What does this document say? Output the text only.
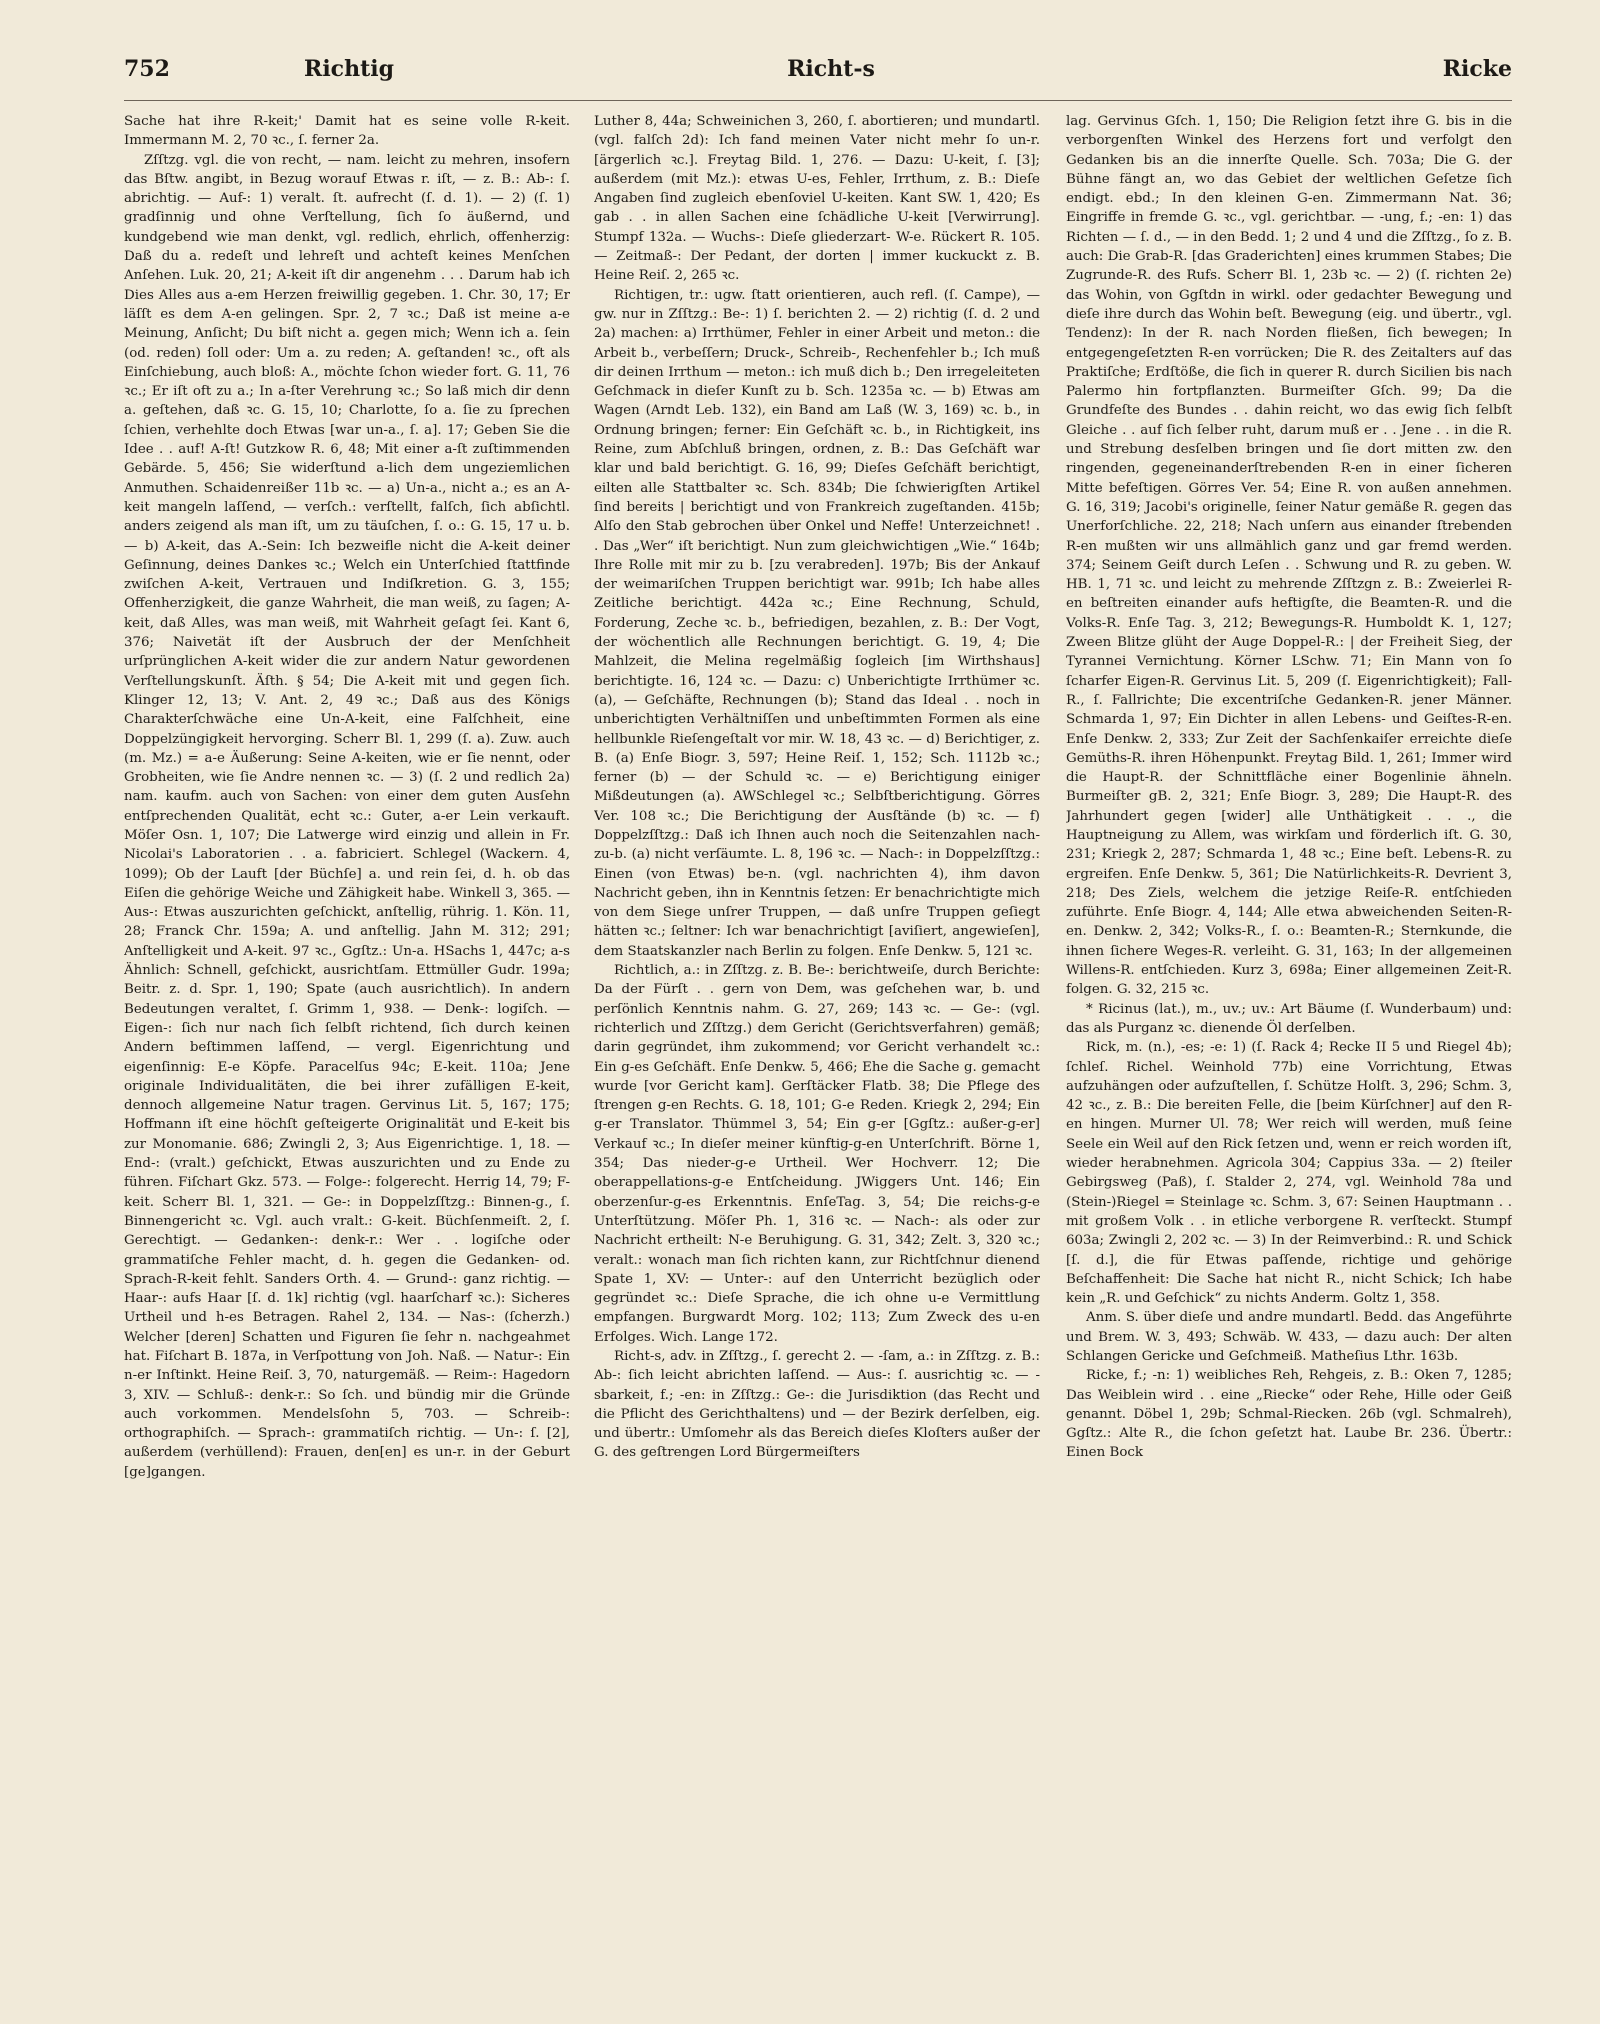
752	Richtig	Richt-s	Ricke

Sache hat ihre R-keit;' Damit hat es seine volle R-keit. Immermann M. 2, 70 ꝛc., ſ. ferner 2a.

Zſſtzg. vgl. die von recht, — nam. leicht zu mehren, insofern das Bſtw. angibt, in Bezug worauf Etwas r. iſt, — z. B.: Ab-: ſ. abrichtig. — Auf-: 1) veralt. ſt. aufrecht (ſ. d. 1). — 2) (ſ. 1) gradſinnig und ohne Verſtellung, ſich ſo äußernd, und kundgebend wie man denkt, vgl. redlich, ehrlich, offenherzig: Daß du a. redeſt und lehreſt und achteſt keines Menſchen Anſehen. Luk. 20, 21; A-keit iſt dir angenehm . . . Darum hab ich Dies Alles aus a-em Herzen freiwillig gegeben. 1. Chr. 30, 17; Er läſſt es dem A-en gelingen. Spr. 2, 7 ꝛc.; Daß ist meine a-e Meinung, Anſicht; Du biſt nicht a. gegen mich; Wenn ich a. ſein (od. reden) ſoll oder: Um a. zu reden; A. geſtanden! ꝛc., oft als Einſchiebung, auch bloß: A., möchte ſchon wieder fort. G. 11, 76 ꝛc.; Er iſt oft zu a.; In a-ſter Verehrung ꝛc.; So laß mich dir denn a. geſtehen, daß ꝛc. G. 15, 10; Charlotte, ſo a. ſie zu ſprechen ſchien, verhehlte doch Etwas [war un-a., ſ. a]. 17; Geben Sie die Idee . . auf! A-ſt! Gutzkow R. 6, 48; Mit einer a-ſt zuſtimmenden Gebärde. 5, 456; Sie widerſtund a-lich dem ungeziemlichen Anmuthen. Schaidenreißer 11b ꝛc. — a) Un-a., nicht a.; es an A-keit mangeln laſſend, — verſch.: verſtellt, falſch, ſich abſichtl. anders zeigend als man iſt, um zu täuſchen, ſ. o.: G. 15, 17 u. b. — b) A-keit, das A.-Sein: Ich bezweifle nicht die A-keit deiner Geſinnung, deines Dankes ꝛc.; Welch ein Unterſchied ſtattfinde zwiſchen A-keit, Vertrauen und Indiſkretion. G. 3, 155; Offenherzigkeit, die ganze Wahrheit, die man weiß, zu ſagen; A-keit, daß Alles, was man weiß, mit Wahrheit geſagt ſei. Kant 6, 376; Naivetät iſt der Ausbruch der der Menſchheit urſprünglichen A-keit wider die zur andern Natur gewordenen Verſtellungskunſt. Äſth. § 54; Die A-keit mit und gegen ſich. Klinger 12, 13; V. Ant. 2, 49 ꝛc.; Daß aus des Königs Charakterſchwäche eine Un-A-keit, eine Falſchheit, eine Doppelzüngigkeit hervorging. Scherr Bl. 1, 299 (ſ. a). Zuw. auch (m. Mz.) = a-e Äußerung: Seine A-keiten, wie er ſie nennt, oder Grobheiten, wie ſie Andre nennen ꝛc. — 3) (ſ. 2 und redlich 2a) nam. kaufm. auch von Sachen: von einer dem guten Ausſehn entſprechenden Qualität, echt ꝛc.: Guter, a-er Lein verkauft. Möſer Osn. 1, 107; Die Latwerge wird einzig und allein in Fr. Nicolai's Laboratorien . . a. fabriciert. Schlegel (Wackern. 4, 1099); Ob der Lauft [der Büchſe] a. und rein ſei, d. h. ob das Eiſen die gehörige Weiche und Zähigkeit habe. Winkell 3, 365. — Aus-: Etwas auszurichten geſchickt, anſtellig, rührig. 1. Kön. 11, 28; Franck Chr. 159a; A. und anſtellig. Jahn M. 312; 291; Anſtelligkeit und A-keit. 97 ꝛc., Ggſtz.: Un-a. HSachs 1, 447c; a-s Ähnlich: Schnell, geſchickt, ausrichtſam. Ettmüller Gudr. 199a; Beitr. z. d. Spr. 1, 190; Spate (auch ausrichtlich). In andern Bedeutungen veraltet, ſ. Grimm 1, 938. — Denk-: logiſch. — Eigen-: ſich nur nach ſich ſelbſt richtend, ſich durch keinen Andern beſtimmen laſſend, — vergl. Eigenrichtung und eigenſinnig: E-e Köpfe. Paracelſus 94c; E-keit. 110a; Jene originale Individualitäten, die bei ihrer zufälligen E-keit, dennoch allgemeine Natur tragen. Gervinus Lit. 5, 167; 175; Hoffmann iſt eine höchſt geſteigerte Originalität und E-keit bis zur Monomanie. 686; Zwingli 2, 3; Aus Eigenrichtige. 1, 18. — End-: (vralt.) geſchickt, Etwas auszurichten und zu Ende zu führen. Fiſchart Gkz. 573. — Folge-: folgerecht. Herrig 14, 79; F-keit. Scherr Bl. 1, 321. — Ge-: in Doppelzſſtzg.: Binnen-g., ſ. Binnengericht ꝛc. Vgl. auch vralt.: G-keit. Büchſenmeiſt. 2, ſ. Gerechtigt. — Gedanken-: denk-r.: Wer . . logiſche oder grammatiſche Fehler macht, d. h. gegen die Gedanken- od. Sprach-R-keit fehlt. Sanders Orth. 4. — Grund-: ganz richtig. — Haar-: aufs Haar [ſ. d. 1k] richtig (vgl. haarſcharf ꝛc.): Sicheres Urtheil und h-es Betragen. Rahel 2, 134. — Nas-: (ſcherzh.) Welcher [deren] Schatten und Figuren ſie ſehr n. nachgeahmet hat. Fiſchart B. 187a, in Verſpottung von Joh. Naß. — Natur-: Ein n-er Inſtinkt. Heine Reiſ. 3, 70, naturgemäß. — Reim-: Hagedorn 3, XIV. — Schluß-: denk-r.: So ſch. und bündig mir die Gründe auch vorkommen. Mendelsſohn 5, 703. — Schreib-: orthographiſch. — Sprach-: grammatiſch richtig. — Un-: ſ. [2], außerdem (verhüllend): Frauen, den[en] es un-r. in der Geburt [ge]gangen.

Luther 8, 44a; Schweinichen 3, 260, ſ. abortieren; und mundartl. (vgl. falſch 2d): Ich fand meinen Vater nicht mehr ſo un-r. [ärgerlich ꝛc.]. Freytag Bild. 1, 276. — Dazu: U-keit, ſ. [3]; außerdem (mit Mz.): etwas U-es, Fehler, Irrthum, z. B.: Dieſe Angaben ſind zugleich ebenſoviel U-keiten. Kant SW. 1, 420; Es gab . . in allen Sachen eine ſchädliche U-keit [Verwirrung]. Stumpf 132a. — Wuchs-: Dieſe gliederzart- W-e. Rückert R. 105. — Zeitmaß-: Der Pedant, der dorten | immer kuckuckt z. B. Heine Reiſ. 2, 265 ꝛc.

Richtigen, tr.: ugw. ſtatt orientieren, auch refl. (ſ. Campe), — gw. nur in Zſſtzg.: Be-: 1) ſ. berichten 2. — 2) richtig (ſ. d. 2 und 2a) machen: a) Irrthümer, Fehler in einer Arbeit und meton.: die Arbeit b., verbeſſern; Druck-, Schreib-, Rechenfehler b.; Ich muß dir deinen Irrthum — meton.: ich muß dich b.; Den irregeleiteten Geſchmack in dieſer Kunſt zu b. Sch. 1235a ꝛc. — b) Etwas am Wagen (Arndt Leb. 132), ein Band am Laß (W. 3, 169) ꝛc. b., in Ordnung bringen; ferner: Ein Geſchäft ꝛc. b., in Richtigkeit, ins Reine, zum Abſchluß bringen, ordnen, z. B.: Das Geſchäft war klar und bald berichtigt. G. 16, 99; Dieſes Geſchäft berichtigt, eilten alle Stattbalter ꝛc. Sch. 834b; Die ſchwierigſten Artikel ſind bereits | berichtigt und von Frankreich zugeſtanden. 415b; Alſo den Stab gebrochen über Onkel und Neffe! Unterzeichnet! . . Das „Wer“ iſt berichtigt. Nun zum gleichwichtigen „Wie.“ 164b; Ihre Rolle mit mir zu b. [zu verabreden]. 197b; Bis der Ankauf der weimariſchen Truppen berichtigt war. 991b; Ich habe alles Zeitliche berichtigt. 442a ꝛc.; Eine Rechnung, Schuld, Forderung, Zeche ꝛc. b., befriedigen, bezahlen, z. B.: Der Vogt, der wöchentlich alle Rechnungen berichtigt. G. 19, 4; Die Mahlzeit, die Melina regelmäßig ſogleich [im Wirthshaus] berichtigte. 16, 124 ꝛc. — Dazu: c) Unberichtigte Irrthümer ꝛc. (a), — Geſchäfte, Rechnungen (b); Stand das Ideal . . noch in unberichtigten Verhältniſſen und unbeſtimmten Formen als eine hellbunkle Rieſengeſtalt vor mir. W. 18, 43 ꝛc. — d) Berichtiger, z. B. (a) Enſe Biogr. 3, 597; Heine Reiſ. 1, 152; Sch. 1112b ꝛc.; ferner (b) — der Schuld ꝛc. — e) Berichtigung einiger Mißdeutungen (a). AWSchlegel ꝛc.; Selbſtberichtigung. Görres Ver. 108 ꝛc.; Die Berichtigung der Ausſtände (b) ꝛc. — f) Doppelzſſtzg.: Daß ich Ihnen auch noch die Seitenzahlen nach-zu-b. (a) nicht verſäumte. L. 8, 196 ꝛc. — Nach-: in Doppelzſſtzg.: Einen (von Etwas) be-n. (vgl. nachrichten 4), ihm davon Nachricht geben, ihn in Kenntnis ſetzen: Er benachrichtigte mich von dem Siege unſrer Truppen, — daß unſre Truppen geſiegt hätten ꝛc.; ſeltner: Ich war benachrichtigt [aviſiert, angewieſen], dem Staatskanzler nach Berlin zu folgen. Enſe Denkw. 5, 121 ꝛc.

Richtlich, a.: in Zſſtzg. z. B. Be-: berichtweiſe, durch Berichte: Da der Fürſt . . gern von Dem, was geſchehen war, b. und perſönlich Kenntnis nahm. G. 27, 269; 143 ꝛc. — Ge-: (vgl. richterlich und Zſſtzg.) dem Gericht (Gerichtsverfahren) gemäß; darin gegründet, ihm zukommend; vor Gericht verhandelt ꝛc.: Ein g-es Geſchäft. Enſe Denkw. 5, 466; Ehe die Sache g. gemacht wurde [vor Gericht kam]. Gerſtäcker Flatb. 38; Die Pflege des ſtrengen g-en Rechts. G. 18, 101; G-e Reden. Kriegk 2, 294; Ein g-er Translator. Thümmel 3, 54; Ein g-er [Ggſtz.: außer-g-er] Verkauf ꝛc.; In dieſer meiner künftig-g-en Unterſchrift. Börne 1, 354; Das nieder-g-e Urtheil. Wer Hochverr. 12; Die oberappellations-g-e Entſcheidung. JWiggers Unt. 146; Ein oberzenſur-g-es Erkenntnis. EnſeTag. 3, 54; Die reichs-g-e Unterſtützung. Möſer Ph. 1, 316 ꝛc. — Nach-: als oder zur Nachricht ertheilt: N-e Beruhigung. G. 31, 342; Zelt. 3, 320 ꝛc.; veralt.: wonach man ſich richten kann, zur Richtſchnur dienend Spate 1, XV: — Unter-: auf den Unterricht bezüglich oder gegründet ꝛc.: Dieſe Sprache, die ich ohne u-e Vermittlung empfangen. Burgwardt Morg. 102; 113; Zum Zweck des u-en Erfolges. Wich. Lange 172.

Richt-s, adv. in Zſſtzg., ſ. gerecht 2. — -ſam, a.: in Zſſtzg. z. B.: Ab-: ſich leicht abrichten laſſend. — Aus-: ſ. ausrichtig ꝛc. — -sbarkeit, f.; -en: in Zſſtzg.: Ge-: die Jurisdiktion (das Recht und die Pflicht des Gerichthaltens) und — der Bezirk derſelben, eig. und übertr.: Umſomehr als das Bereich dieſes Kloſters außer der G. des geſtrengen Lord Bürgermeiſters

lag. Gervinus Gſch. 1, 150; Die Religion ſetzt ihre G. bis in die verborgenſten Winkel des Herzens fort und verfolgt den Gedanken bis an die innerſte Quelle. Sch. 703a; Die G. der Bühne fängt an, wo das Gebiet der weltlichen Geſetze ſich endigt. ebd.; In den kleinen G-en. Zimmermann Nat. 36; Eingriffe in fremde G. ꝛc., vgl. gerichtbar. — -ung, f.; -en: 1) das Richten — ſ. d., — in den Bedd. 1; 2 und 4 und die Zſſtzg., ſo z. B. auch: Die Grab-R. [das Graderichten] eines krummen Stabes; Die Zugrunde-R. des Rufs. Scherr Bl. 1, 23b ꝛc. — 2) (ſ. richten 2e) das Wohin, von Ggſtdn in wirkl. oder gedachter Bewegung und dieſe ihre durch das Wohin beſt. Bewegung (eig. und übertr., vgl. Tendenz): In der R. nach Norden fließen, ſich bewegen; In entgegengeſetzten R-en vorrücken; Die R. des Zeitalters auf das Praktiſche; Erdſtöße, die ſich in querer R. durch Sicilien bis nach Palermo hin fortpflanzten. Burmeiſter Gſch. 99; Da die Grundfeſte des Bundes . . dahin reicht, wo das ewig ſich ſelbſt Gleiche . . auf ſich ſelber ruht, darum muß er . . Jene . . in die R. und Strebung desſelben bringen und ſie dort mitten zw. den ringenden, gegeneinanderſtrebenden R-en in einer ſicheren Mitte befeſtigen. Görres Ver. 54; Eine R. von außen annehmen. G. 16, 319; Jacobi's originelle, ſeiner Natur gemäße R. gegen das Unerforſchliche. 22, 218; Nach unſern aus einander ſtrebenden R-en mußten wir uns allmählich ganz und gar fremd werden. 374; Seinem Geiſt durch Leſen . . Schwung und R. zu geben. W. HB. 1, 71 ꝛc. und leicht zu mehrende Zſſtzgn z. B.: Zweierlei R-en beſtreiten einander aufs heftigſte, die Beamten-R. und die Volks-R. Enſe Tag. 3, 212; Bewegungs-R. Humboldt K. 1, 127; Zween Blitze glüht der Auge Doppel-R.: | der Freiheit Sieg, der Tyrannei Vernichtung. Körner LSchw. 71; Ein Mann von ſo ſcharfer Eigen-R. Gervinus Lit. 5, 209 (ſ. Eigenrichtigkeit); Fall-R., ſ. Fallrichte; Die excentriſche Gedanken-R. jener Männer. Schmarda 1, 97; Ein Dichter in allen Lebens- und Geiſtes-R-en. Enſe Denkw. 2, 333; Zur Zeit der Sachſenkaiſer erreichte dieſe Gemüths-R. ihren Höhenpunkt. Freytag Bild. 1, 261; Immer wird die Haupt-R. der Schnittfläche einer Bogenlinie ähneln. Burmeiſter gB. 2, 321; Enſe Biogr. 3, 289; Die Haupt-R. des Jahrhundert gegen [wider] alle Unthätigkeit . . ., die Hauptneigung zu Allem, was wirkſam und förderlich iſt. G. 30, 231; Kriegk 2, 287; Schmarda 1, 48 ꝛc.; Eine beſt. Lebens-R. zu ergreifen. Enſe Denkw. 5, 361; Die Natürlichkeits-R. Devrient 3, 218; Des Ziels, welchem die jetzige Reiſe-R. entſchieden zuführte. Enſe Biogr. 4, 144; Alle etwa abweichenden Seiten-R-en. Denkw. 2, 342; Volks-R., ſ. o.: Beamten-R.; Sternkunde, die ihnen ſichere Weges-R. verleiht. G. 31, 163; In der allgemeinen Willens-R. entſchieden. Kurz 3, 698a; Einer allgemeinen Zeit-R. folgen. G. 32, 215 ꝛc.

* Ricinus (lat.), m., uv.; uv.: Art Bäume (ſ. Wunderbaum) und: das als Purganz ꝛc. dienende Öl derſelben.

Rick, m. (n.), -es; -e: 1) (ſ. Rack 4; Recke II 5 und Riegel 4b); ſchleſ. Richel. Weinhold 77b) eine Vorrichtung, Etwas aufzuhängen oder aufzuſtellen, ſ. Schütze Holſt. 3, 296; Schm. 3, 42 ꝛc., z. B.: Die bereiten Felle, die [beim Kürſchner] auf den R-en hingen. Murner Ul. 78; Wer reich will werden, muß ſeine Seele ein Weil auf den Rick ſetzen und, wenn er reich worden iſt, wieder herabnehmen. Agricola 304; Cappius 33a. — 2) ſteiler Gebirgsweg (Paß), ſ. Stalder 2, 274, vgl. Weinhold 78a und (Stein-)Riegel = Steinlage ꝛc. Schm. 3, 67: Seinen Hauptmann . . mit großem Volk . . in etliche verborgene R. verſteckt. Stumpf 603a; Zwingli 2, 202 ꝛc. — 3) In der Reimverbind.: R. und Schick [ſ. d.], die für Etwas paſſende, richtige und gehörige Beſchaffenheit: Die Sache hat nicht R., nicht Schick; Ich habe kein „R. und Geſchick“ zu nichts Anderm. Goltz 1, 358.

Anm. S. über dieſe und andre mundartl. Bedd. das Angeführte und Brem. W. 3, 493; Schwäb. W. 433, — dazu auch: Der alten Schlangen Gericke und Geſchmeiß. Matheſius Lthr. 163b.

Ricke, f.; -n: 1) weibliches Reh, Rehgeis, z. B.: Oken 7, 1285; Das Weiblein wird . . eine „Riecke“ oder Rehe, Hille oder Geiß genannt. Döbel 1, 29b; Schmal-Riecken. 26b (vgl. Schmalreh), Ggſtz.: Alte R., die ſchon geſetzt hat. Laube Br. 236. Übertr.: Einen Bock
